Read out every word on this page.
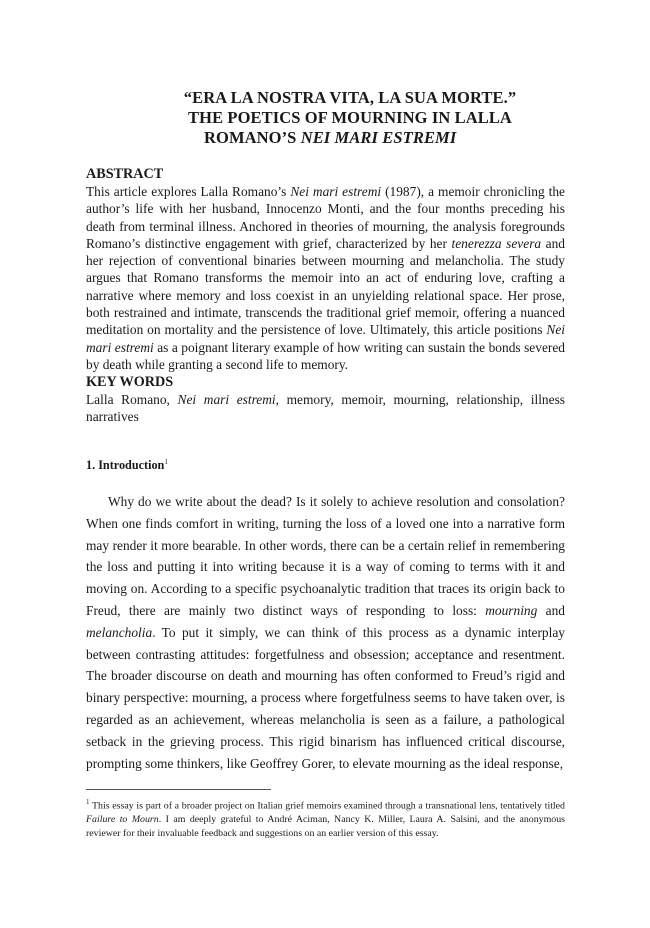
“ERA LA NOSTRA VITA, LA SUA MORTE.”
THE POETICS OF MOURNING IN LALLA
ROMANO’S NEI MARI ESTREMI
ABSTRACT
This article explores Lalla Romano’s Nei mari estremi (1987), a memoir chronicling the author’s life with her husband, Innocenzo Monti, and the four months preceding his death from terminal illness. Anchored in theories of mourning, the analysis foregrounds Romano’s distinctive engagement with grief, characterized by her tenerezza severa and her rejection of conventional binaries between mourning and melancholia. The study argues that Romano transforms the memoir into an act of enduring love, crafting a narrative where memory and loss coexist in an unyielding relational space. Her prose, both restrained and intimate, transcends the traditional grief memoir, offering a nuanced meditation on mortality and the persistence of love. Ultimately, this article positions Nei mari estremi as a poignant literary example of how writing can sustain the bonds severed by death while granting a second life to memory.
KEY WORDS
Lalla Romano, Nei mari estremi, memory, memoir, mourning, relationship, illness narratives
1. Introduction$^1$
Why do we write about the dead? Is it solely to achieve resolution and consolation? When one finds comfort in writing, turning the loss of a loved one into a narrative form may render it more bearable. In other words, there can be a certain relief in remembering the loss and putting it into writing because it is a way of coming to terms with it and moving on. According to a specific psychoanalytic tradition that traces its origin back to Freud, there are mainly two distinct ways of responding to loss: mourning and melancholia. To put it simply, we can think of this process as a dynamic interplay between contrasting attitudes: forgetfulness and obsession; acceptance and resentment. The broader discourse on death and mourning has often conformed to Freud’s rigid and binary perspective: mourning, a process where forgetfulness seems to have taken over, is regarded as an achievement, whereas melancholia is seen as a failure, a pathological setback in the grieving process. This rigid binarism has influenced critical discourse, prompting some thinkers, like Geoffrey Gorer, to elevate mourning as the ideal response,
$^1$ This essay is part of a broader project on Italian grief memoirs examined through a transnational lens, tentatively titled Failure to Mourn. I am deeply grateful to André Aciman, Nancy K. Miller, Laura A. Salsini, and the anonymous reviewer for their invaluable feedback and suggestions on an earlier version of this essay.
